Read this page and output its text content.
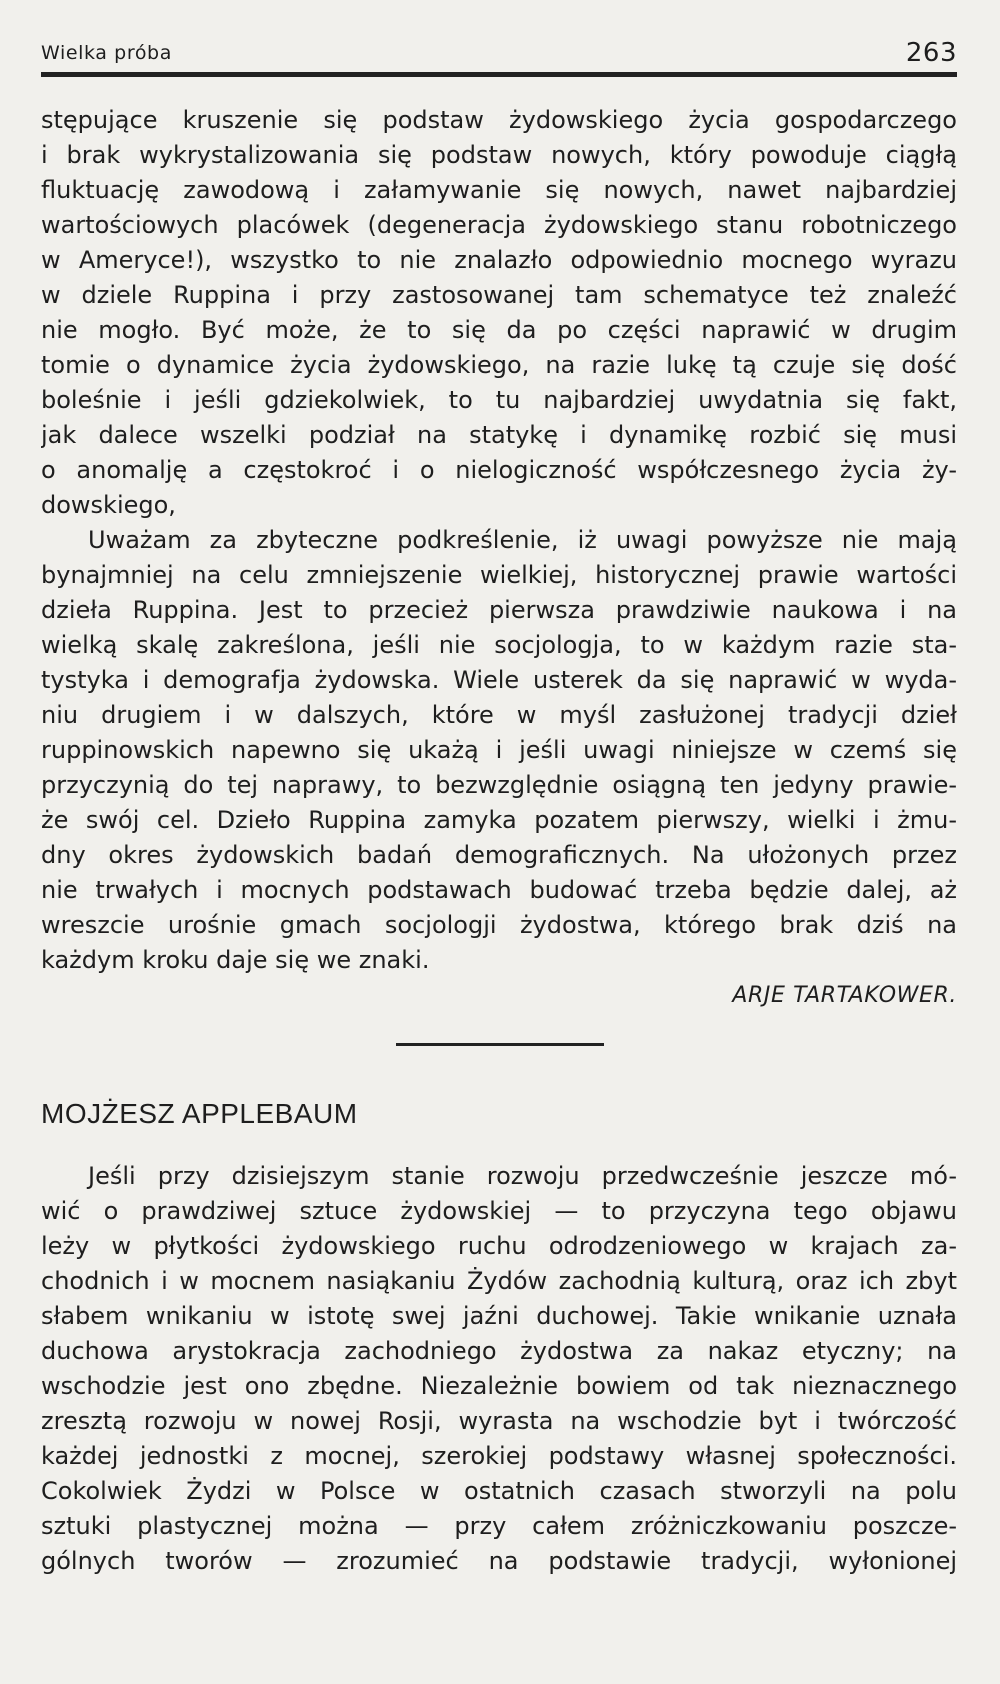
Wielka próba	263
stępujące kruszenie się podstaw żydowskiego życia gospodarczego
i brak wykrystalizowania się podstaw nowych, który powoduje ciągłą
fluktuację zawodową i załamywanie się nowych, nawet najbardziej
wartościowych placówek (degeneracja żydowskiego stanu robotniczego
w Ameryce!), wszystko to nie znalazło odpowiednio mocnego wyrazu
w dziele Ruppina i przy zastosowanej tam schematyce też znaleźć
nie mogło. Być może, że to się da po części naprawić w drugim
tomie o dynamice życia żydowskiego, na razie lukę tą czuje się dość
boleśnie i jeśli gdziekolwiek, to tu najbardziej uwydatnia się fakt,
jak dalece wszelki podział na statykę i dynamikę rozbić się musi
o anomalję a częstokroć i o nielogiczność współczesnego życia ży-
dowskiego,
Uważam za zbyteczne podkreślenie, iż uwagi powyższe nie mają
bynajmniej na celu zmniejszenie wielkiej, historycznej prawie wartości
dzieła Ruppina. Jest to przecież pierwsza prawdziwie naukowa i na
wielką skalę zakreślona, jeśli nie socjologja, to w każdym razie sta-
tystyka i demografja żydowska. Wiele usterek da się naprawić w wyda-
niu drugiem i w dalszych, które w myśl zasłużonej tradycji dzieł
ruppinowskich napewno się ukażą i jeśli uwagi niniejsze w czemś się
przyczynią do tej naprawy, to bezwzględnie osiągną ten jedyny prawie-
że swój cel. Dzieło Ruppina zamyka pozatem pierwszy, wielki i żmu-
dny okres żydowskich badań demograficznych. Na ułożonych przez
nie trwałych i mocnych podstawach budować trzeba będzie dalej, aż
wreszcie urośnie gmach socjologji żydostwa, którego brak dziś na
każdym kroku daje się we znaki.
ARJE TARTAKOWER.
MOJŻESZ APPLEBAUM
Jeśli przy dzisiejszym stanie rozwoju przedwcześnie jeszcze mó-
wić o prawdziwej sztuce żydowskiej — to przyczyna tego objawu
leży w płytkości żydowskiego ruchu odrodzeniowego w krajach za-
chodnich i w mocnem nasiąkaniu Żydów zachodnią kulturą, oraz ich zbyt
słabem wnikaniu w istotę swej jaźni duchowej. Takie wnikanie uznała
duchowa arystokracja zachodniego żydostwa za nakaz etyczny; na
wschodzie jest ono zbędne. Niezależnie bowiem od tak nieznacznego
zresztą rozwoju w nowej Rosji, wyrasta na wschodzie byt i twórczość
każdej jednostki z mocnej, szerokiej podstawy własnej społeczności.
Cokolwiek Żydzi w Polsce w ostatnich czasach stworzyli na polu
sztuki plastycznej można — przy całem zróżniczkowaniu poszcze-
gólnych tworów — zrozumieć na podstawie tradycji, wyłonionej
